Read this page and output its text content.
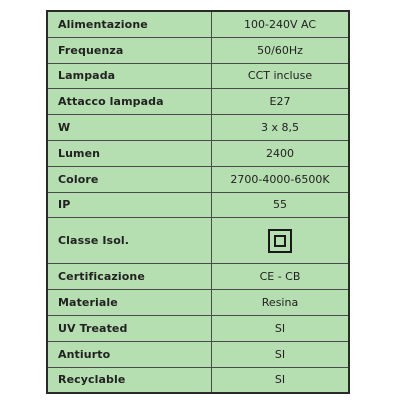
Alimentazione	100-240V AC
Frequenza	50/60Hz
Lampada	CCT incluse
Attacco lampada	E27
W	3 x 8,5
Lumen	2400
Colore	2700-4000-6500K
IP	55
Classe Isol.	
Certificazione	CE - CB
Materiale	Resina
UV Treated	SI
Antiurto	SI
Recyclable	SI
